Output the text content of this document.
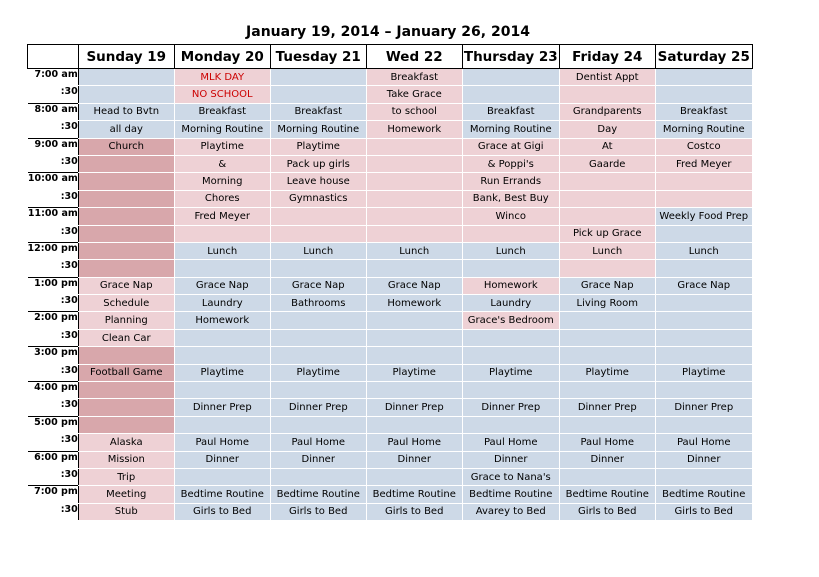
January 19, 2014 – January 26, 2014
	Sunday 19	Monday 20	Tuesday 21	Wed 22	Thursday 23	Friday 24	Saturday 25
7:00 am		MLK DAY		Breakfast		Dentist Appt	
:30		NO SCHOOL		Take Grace			
8:00 am	Head to Bvtn	Breakfast	Breakfast	to school	Breakfast	Grandparents	Breakfast
:30	all day	Morning Routine	Morning Routine	Homework	Morning Routine	Day	Morning Routine
9:00 am	Church	Playtime	Playtime		Grace at Gigi	At	Costco
:30		&	Pack up girls		& Poppi's	Gaarde	Fred Meyer
10:00 am		Morning	Leave house		Run Errands		
:30		Chores	Gymnastics		Bank, Best Buy		
11:00 am		Fred Meyer			Winco		Weekly Food Prep
:30						Pick up Grace	
12:00 pm		Lunch	Lunch	Lunch	Lunch	Lunch	Lunch
:30							
1:00 pm	Grace Nap	Grace Nap	Grace Nap	Grace Nap	Homework	Grace Nap	Grace Nap
:30	Schedule	Laundry	Bathrooms	Homework	Laundry	Living Room	
2:00 pm	Planning	Homework			Grace's Bedroom		
:30	Clean Car						
3:00 pm							
:30	Football Game	Playtime	Playtime	Playtime	Playtime	Playtime	Playtime
4:00 pm							
:30		Dinner Prep	Dinner Prep	Dinner Prep	Dinner Prep	Dinner Prep	Dinner Prep
5:00 pm							
:30	Alaska	Paul Home	Paul Home	Paul Home	Paul Home	Paul Home	Paul Home
6:00 pm	Mission	Dinner	Dinner	Dinner	Dinner	Dinner	Dinner
:30	Trip				Grace to Nana's		
7:00 pm	Meeting	Bedtime Routine	Bedtime Routine	Bedtime Routine	Bedtime Routine	Bedtime Routine	Bedtime Routine
:30	Stub	Girls to Bed	Girls to Bed	Girls to Bed	Avarey to Bed	Girls to Bed	Girls to Bed
